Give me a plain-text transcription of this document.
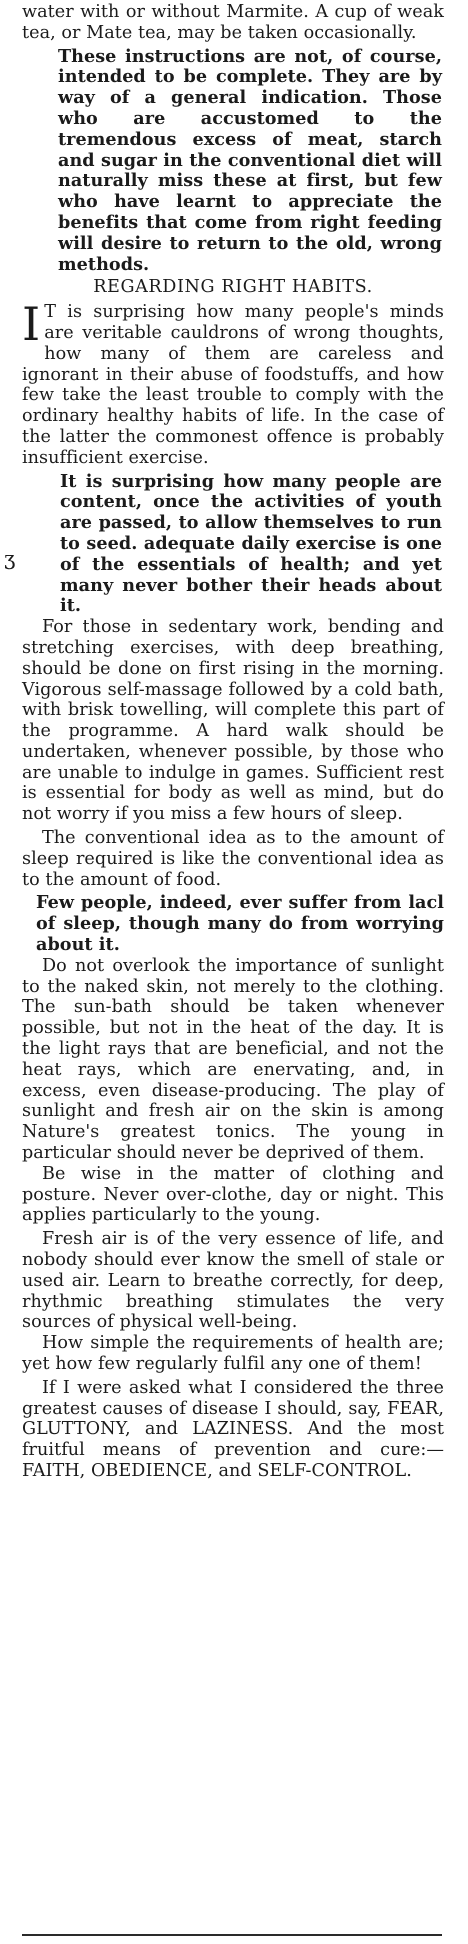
ʒ

water with or without Marmite. A cup of weak tea, or Mate tea, may be taken occasionally.

These instructions are not, of course, intended to be complete. They are by way of a general indication. Those who are accustomed to the tremendous excess of meat, starch and sugar in the conventional diet will naturally miss these at first, but few who have learnt to appreciate the benefits that come from right feeding will desire to return to the old, wrong methods.

REGARDING RIGHT HABITS.

I T is surprising how many people's minds are veritable cauldrons of wrong thoughts, how many of them are careless and ignorant in their abuse of foodstuffs, and how few take the least trouble to comply with the ordinary healthy habits of life. In the case of the latter the commonest offence is probably insufficient exercise.

It is surprising how many people are content, once the activities of youth are passed, to allow themselves to run to seed. adequate daily exercise is one of the essentials of health; and yet many never bother their heads about it.

For those in sedentary work, bending and stretching exercises, with deep breathing, should be done on first rising in the morning. Vigorous self-massage followed by a cold bath, with brisk towelling, will complete this part of the programme. A hard walk should be undertaken, whenever possible, by those who are unable to indulge in games. Sufficient rest is essential for body as well as mind, but do not worry if you miss a few hours of sleep.

The conventional idea as to the amount of sleep required is like the conventional idea as to the amount of food.

Few people, indeed, ever suffer from lacl of sleep, though many do from worrying about it.

Do not overlook the importance of sunlight to the naked skin, not merely to the clothing. The sun-bath should be taken whenever possible, but not in the heat of the day. It is the light rays that are beneficial, and not the heat rays, which are enervating, and, in excess, even disease-producing. The play of sunlight and fresh air on the skin is among Nature's greatest tonics. The young in particular should never be deprived of them.

Be wise in the matter of clothing and posture. Never over-clothe, day or night. This applies particularly to the young.

Fresh air is of the very essence of life, and nobody should ever know the smell of stale or used air. Learn to breathe correctly, for deep, rhythmic breathing stimulates the very sources of physical well-being.

How simple the requirements of health are; yet how few regularly fulfil any one of them!

If I were asked what I considered the three greatest causes of disease I should, say, FEAR, GLUTTONY, and LAZINESS. And the most fruitful means of prevention and cure:— FAITH, OBEDIENCE, and SELF-CONTROL.
